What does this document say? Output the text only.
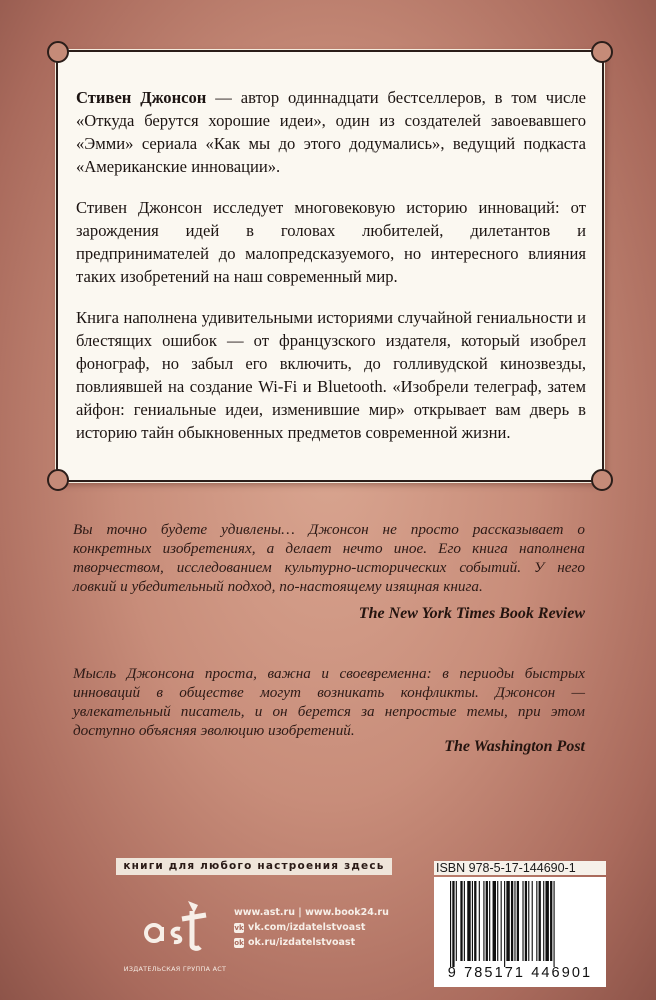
Стивен Джонсон — автор одиннадцати бестселлеров, в том числе «Откуда берутся хорошие идеи», один из создателей завоевавшего «Эмми» сериала «Как мы до этого додумались», ведущий подкаста «Американские инновации».

Стивен Джонсон исследует многовековую историю инноваций: от зарождения идей в головах любителей, дилетантов и предпринимателей до малопредсказуемого, но интересного влияния таких изобретений на наш современный мир.

Книга наполнена удивительными историями случайной гениальности и блестящих ошибок — от французского издателя, который изобрел фонограф, но забыл его включить, до голливудской кинозвезды, повлиявшей на создание Wi-Fi и Bluetooth. «Изобрели телеграф, затем айфон: гениальные идеи, изменившие мир» открывает вам дверь в историю тайн обыкновенных предметов современной жизни.

Вы точно будете удивлены… Джонсон не просто рассказывает о конкретных изобретениях, а делает нечто иное. Его книга наполнена творчеством, исследованием культурно-исторических событий. У него ловкий и убедительный подход, по-настоящему изящная книга.
The New York Times Book Review
Мысль Джонсона проста, важна и своевременна: в периоды быстрых инноваций в обществе могут возникать конфликты. Джонсон — увлекательный писатель, и он берется за непростые темы, при этом доступно объясняя эволюцию изобретений.
The Washington Post
книги для любого настроения здесь
ИЗДАТЕЛЬСКАЯ ГРУППА АСТ
www.ast.ru | www.book24.ru
vk vk.com/izdatelstvoast
ok ok.ru/izdatelstvoast
ISBN 978-5-17-144690-1
9 785171 446901
